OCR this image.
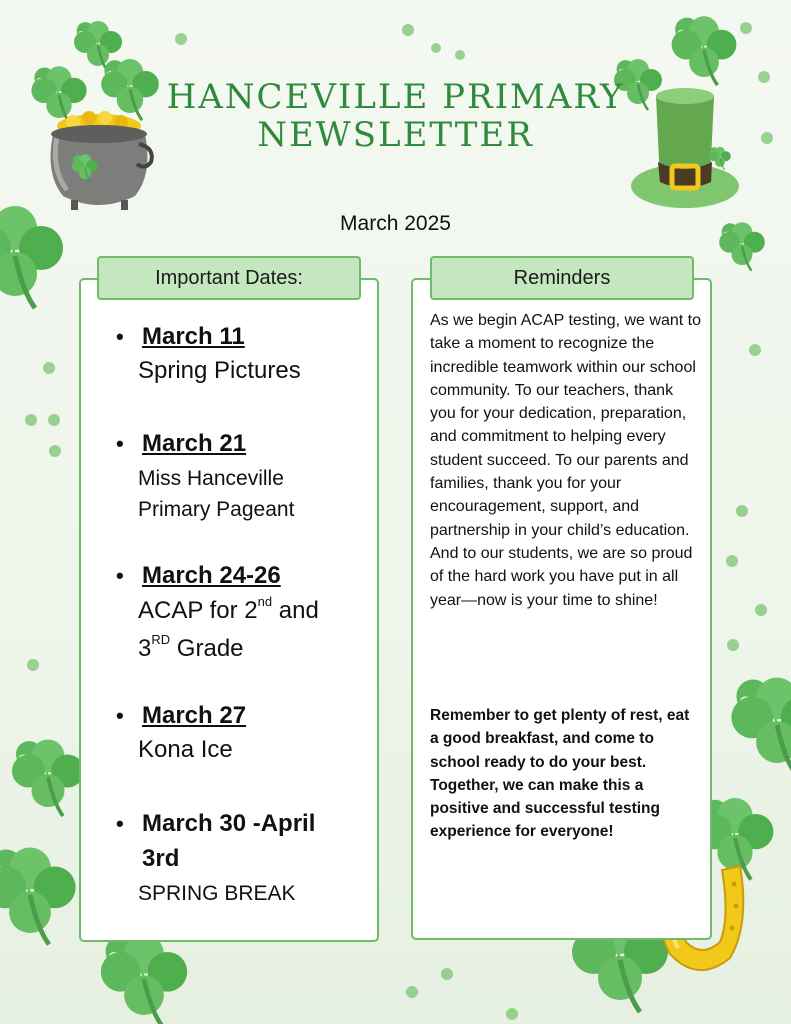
HANCEVILLE PRIMARY
NEWSLETTER
March 2025
Important Dates:
• March 11
Spring Pictures
• March 21
Miss Hanceville
Primary Pageant
• March 24-26
ACAP for 2nd and
3RD Grade
• March 27
Kona Ice
• March 30 -April
3rd
SPRING BREAK
Reminders
As we begin ACAP testing, we want to take a moment to recognize the incredible teamwork within our school community. To our teachers, thank you for your dedication, preparation, and commitment to helping every student succeed. To our parents and families, thank you for your encouragement, support, and partnership in your child’s education. And to our students, we are so proud of the hard work you have put in all year—now is your time to shine!
Remember to get plenty of rest, eat a good breakfast, and come to school ready to do your best. Together, we can make this a positive and successful testing experience for everyone!
